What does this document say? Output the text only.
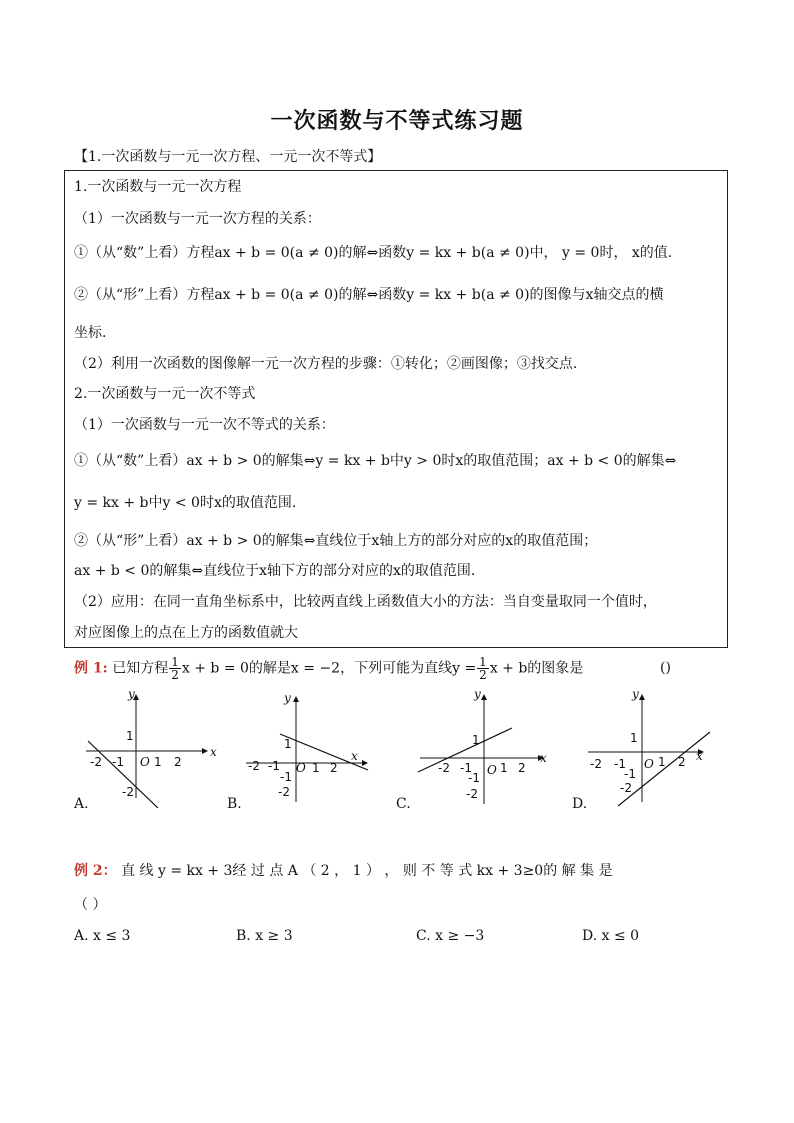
一次函数与不等式练习题
【1.一次函数与一元一次方程、一元一次不等式】
1.一次函数与一元一次方程
（1）一次函数与一元一次方程的关系：
①（从“数”上看）方程ax + b = 0(a ≠ 0)的解⇔函数y = kx + b(a ≠ 0)中， y = 0时， x的值.
②（从“形”上看）方程ax + b = 0(a ≠ 0)的解⇔函数y = kx + b(a ≠ 0)的图像与x轴交点的横
坐标.
（2）利用一次函数的图像解一元一次方程的步骤：①转化；②画图像；③找交点.
2.一次函数与一元一次不等式
（1）一次函数与一元一次不等式的关系：
①（从“数”上看）ax + b > 0的解集⇔y = kx + b中y > 0时x的取值范围；ax + b < 0的解集⇔
y = kx + b中y < 0时x的取值范围.
②（从“形”上看）ax + b > 0的解集⇔直线位于x轴上方的部分对应的x的取值范围；
ax + b < 0的解集⇔直线位于x轴下方的部分对应的x的取值范围.
（2）应用：在同一直角坐标系中，比较两直线上函数值大小的方法：当自变量取同一个值时，
对应图像上的点在上方的函数值就大
例 1: 已知方程 $\frac{1}{2}$ x + b = 0的解是x = −2，下列可能为直线$y = \frac{1}{2}$ x + b的图象是	()
x
y
-2 -1 O 1 2
1
-2
A.
x
y
-2 -1 O 1 2
1
-1
-2
B.
x
y
-2 -1 O 1 2
1
-1
-2
C.
x
y
-2 -1 O 1 2
1
-1
-2
D.
例 2： 直 线 y = kx + 3经 过 点 A （ 2 ， 1 ） ， 则 不 等 式 kx + 3≥0的 解 集 是
（ ）
A. x ≤ 3	B. x ≥ 3	C. x ≥ −3	D. x ≤ 0
